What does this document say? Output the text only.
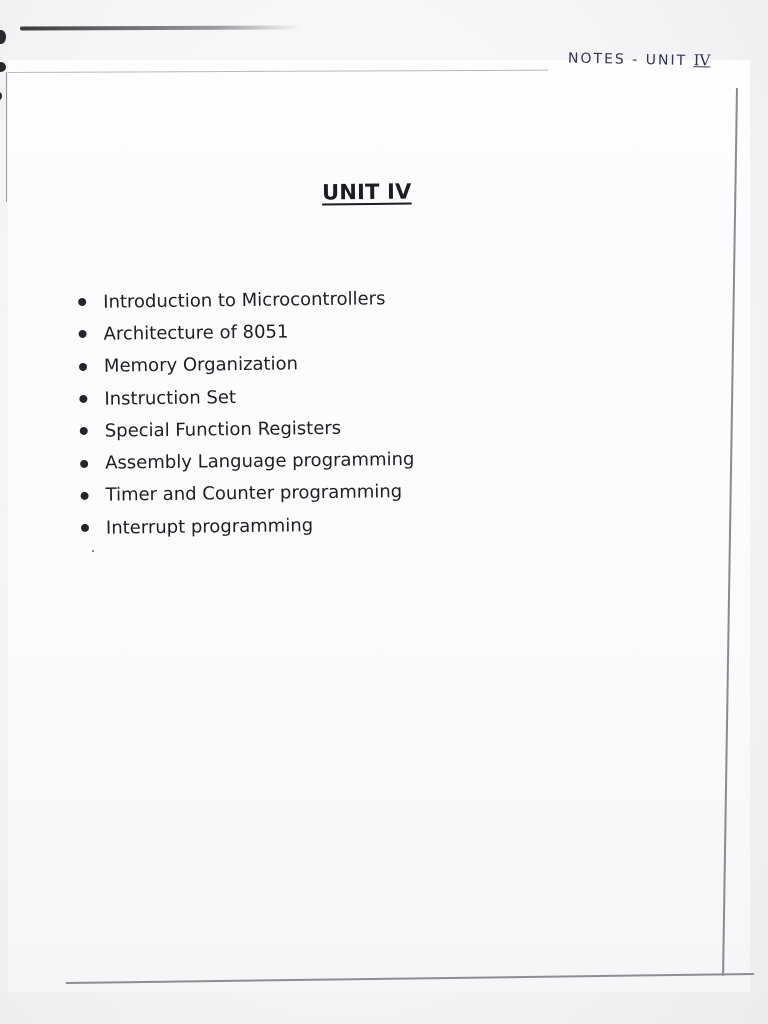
NOTES - UNIT IV
UNIT IV
Introduction to Microcontrollers
Architecture of 8051
Memory Organization
Instruction Set
Special Function Registers
Assembly Language programming
Timer and Counter programming
Interrupt programming
